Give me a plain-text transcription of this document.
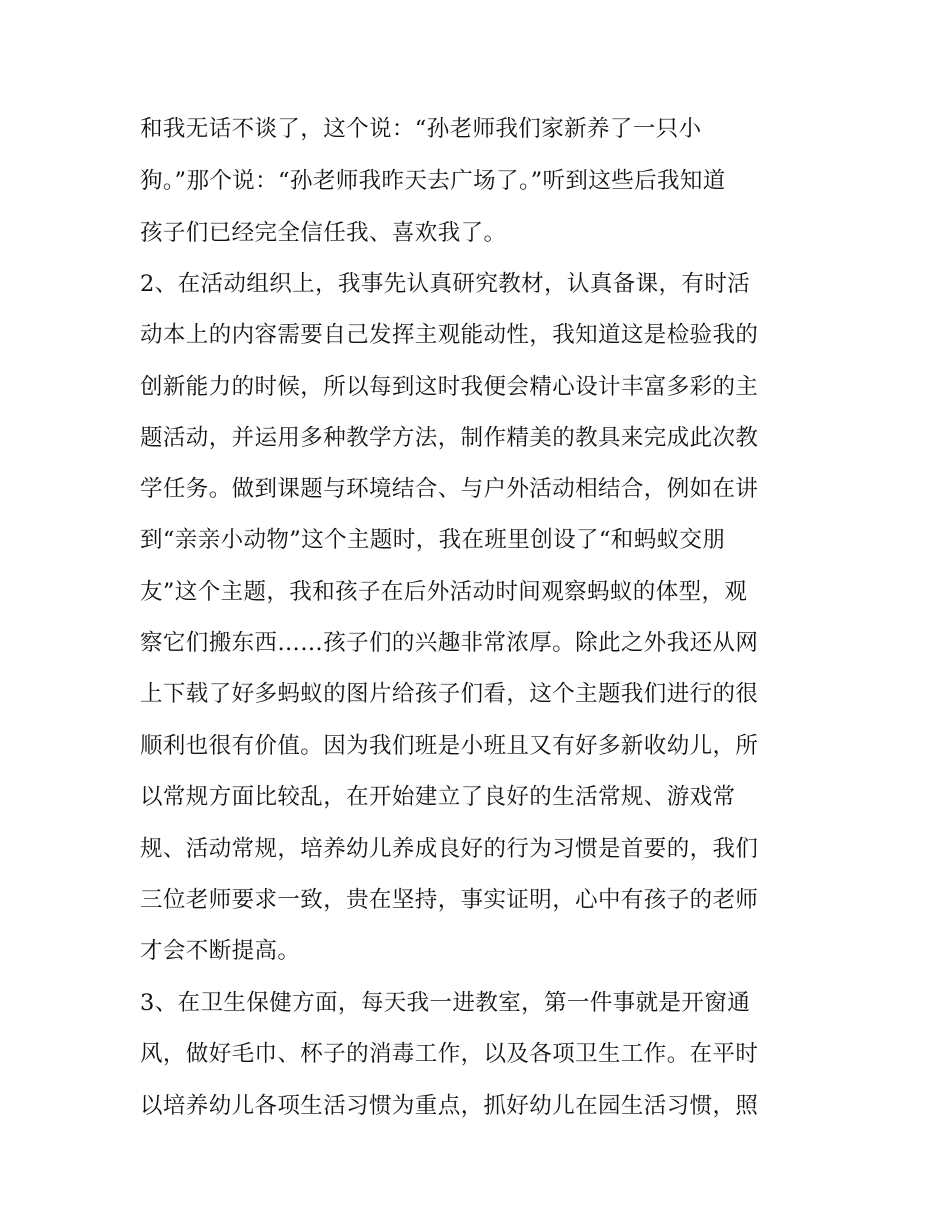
和我无话不谈了，这个说：“孙老师我们家新养了一只小
狗。”那个说：“孙老师我昨天去广场了。”听到这些后我知道
孩子们已经完全信任我、喜欢我了。
2、在活动组织上，我事先认真研究教材，认真备课，有时活
动本上的内容需要自己发挥主观能动性，我知道这是检验我的
创新能力的时候，所以每到这时我便会精心设计丰富多彩的主
题活动，并运用多种教学方法，制作精美的教具来完成此次教
学任务。做到课题与环境结合、与户外活动相结合，例如在讲
到“亲亲小动物”这个主题时，我在班里创设了“和蚂蚁交朋
友”这个主题，我和孩子在后外活动时间观察蚂蚁的体型，观
察它们搬东西……孩子们的兴趣非常浓厚。除此之外我还从网
上下载了好多蚂蚁的图片给孩子们看，这个主题我们进行的很
顺利也很有价值。因为我们班是小班且又有好多新收幼儿，所
以常规方面比较乱，在开始建立了良好的生活常规、游戏常
规、活动常规，培养幼儿养成良好的行为习惯是首要的，我们
三位老师要求一致，贵在坚持，事实证明，心中有孩子的老师
才会不断提高。
3、在卫生保健方面，每天我一进教室，第一件事就是开窗通
风，做好毛巾、杯子的消毒工作，以及各项卫生工作。在平时
以培养幼儿各项生活习惯为重点，抓好幼儿在园生活习惯，照
